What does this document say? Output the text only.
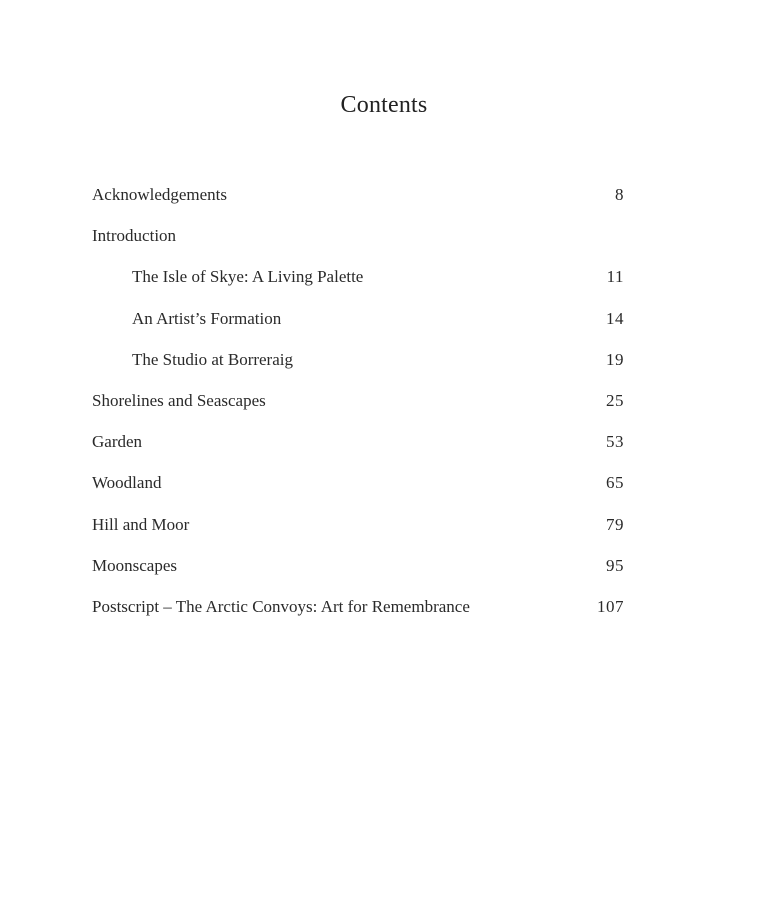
Contents
Acknowledgements	8
Introduction
The Isle of Skye: A Living Palette	11
An Artist’s Formation	14
The Studio at Borreraig	19
Shorelines and Seascapes	25
Garden	53
Woodland	65
Hill and Moor	79
Moonscapes	95
Postscript – The Arctic Convoys: Art for Remembrance	107
